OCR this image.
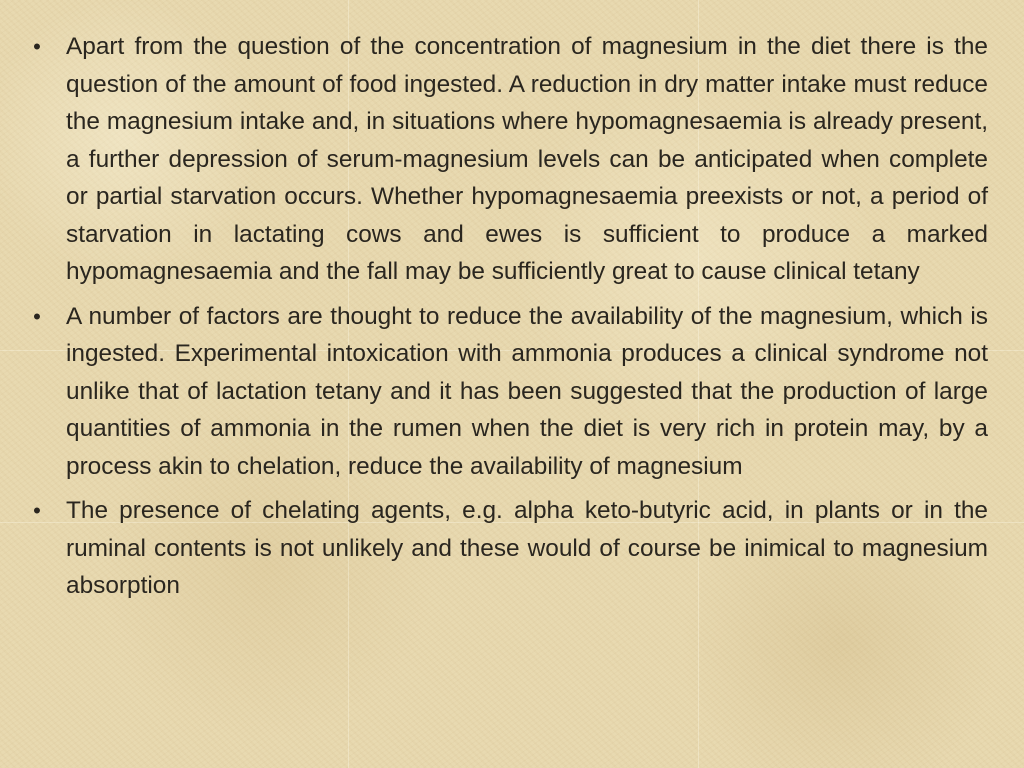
• Apart from the question of the concentration of magnesium in the diet there is the question of the amount of food ingested. A reduction in dry matter intake must reduce the magnesium intake and, in situations where hypomagnesaemia is already present, a further depression of serum-magnesium levels can be anticipated when complete or partial starvation occurs. Whether hypomagnesaemia preexists or not, a period of starvation in lactating cows and ewes is sufficient to produce a marked hypomagnesaemia and the fall may be sufficiently great to cause clinical tetany
• A number of factors are thought to reduce the availability of the magnesium, which is ingested. Experimental intoxication with ammonia produces a clinical syndrome not unlike that of lactation tetany and it has been suggested that the production of large quantities of ammonia in the rumen when the diet is very rich in protein may, by a process akin to chelation, reduce the availability of magnesium
• The presence of chelating agents, e.g. alpha keto-butyric acid, in plants or in the ruminal contents is not unlikely and these would of course be inimical to magnesium absorption
